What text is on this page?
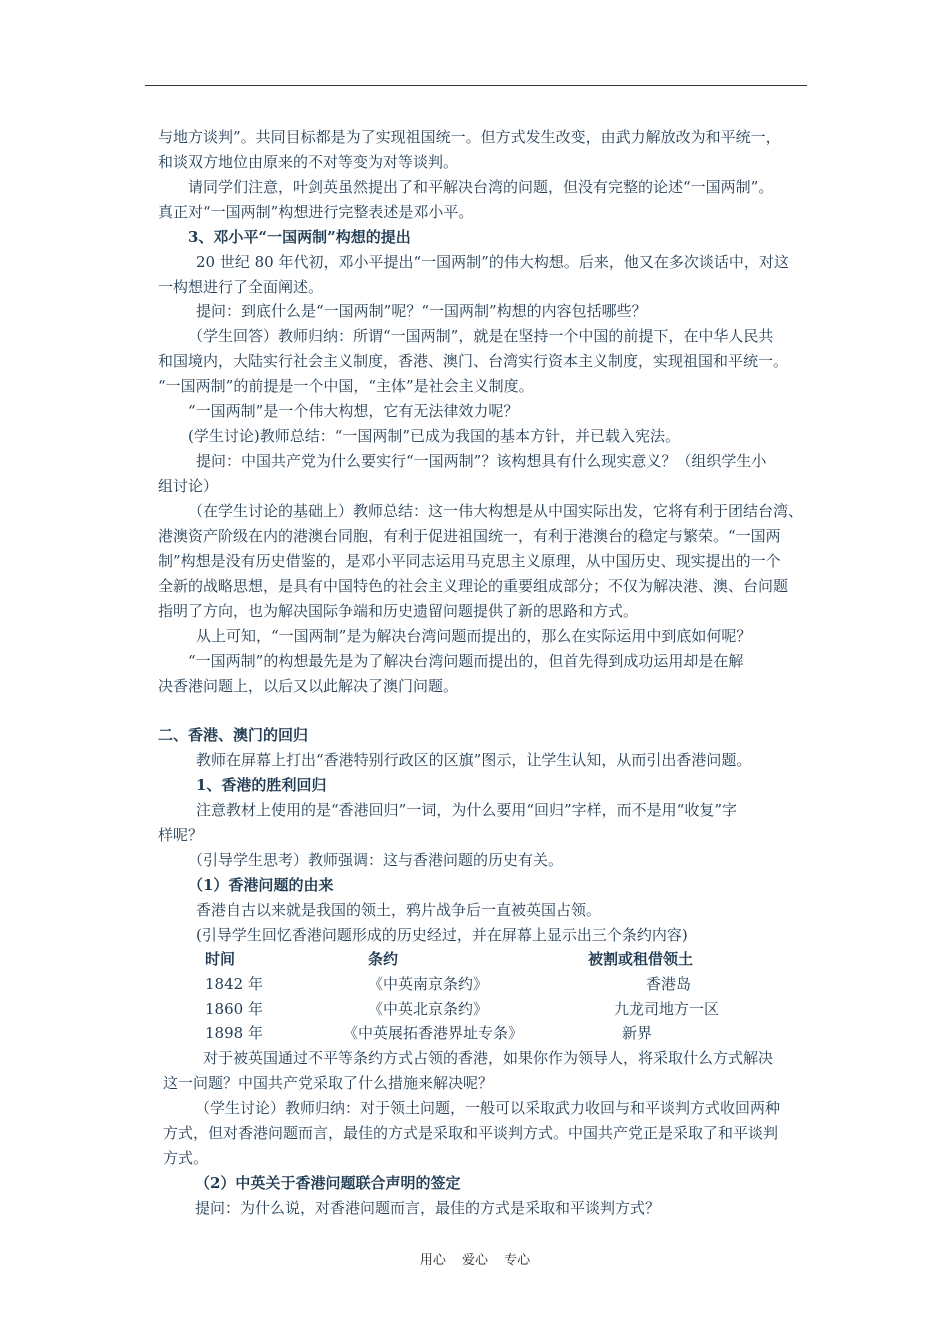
与地方谈判”。共同目标都是为了实现祖国统一。但方式发生改变，由武力解放改为和平统一，
和谈双方地位由原来的不对等变为对等谈判。
请同学们注意，叶剑英虽然提出了和平解决台湾的问题，但没有完整的论述“一国两制”。
真正对“一国两制”构想进行完整表述是邓小平。
3、邓小平“一国两制”构想的提出
20 世纪 80 年代初，邓小平提出“一国两制”的伟大构想。后来，他又在多次谈话中，对这
一构想进行了全面阐述。
提问：到底什么是“一国两制”呢？“一国两制”构想的内容包括哪些？
（学生回答）教师归纳：所谓“一国两制”，就是在坚持一个中国的前提下，在中华人民共
和国境内，大陆实行社会主义制度，香港、澳门、台湾实行资本主义制度，实现祖国和平统一。
“一国两制”的前提是一个中国，“主体”是社会主义制度。
“一国两制”是一个伟大构想，它有无法律效力呢？
(学生讨论)教师总结：“一国两制”已成为我国的基本方针，并已载入宪法。
提问：中国共产党为什么要实行“一国两制”？该构想具有什么现实意义？（组织学生小
组讨论）
（在学生讨论的基础上）教师总结：这一伟大构想是从中国实际出发，它将有利于团结台湾、
港澳资产阶级在内的港澳台同胞，有利于促进祖国统一，有利于港澳台的稳定与繁荣。“一国两
制”构想是没有历史借鉴的，是邓小平同志运用马克思主义原理，从中国历史、现实提出的一个
全新的战略思想，是具有中国特色的社会主义理论的重要组成部分；不仅为解决港、澳、台问题
指明了方向，也为解决国际争端和历史遗留问题提供了新的思路和方式。
从上可知，“一国两制”是为解决台湾问题而提出的，那么在实际运用中到底如何呢？
“一国两制”的构想最先是为了解决台湾问题而提出的，但首先得到成功运用却是在解
决香港问题上，以后又以此解决了澳门问题。
二、香港、澳门的回归
教师在屏幕上打出“香港特别行政区的区旗”图示，让学生认知，从而引出香港问题。
1、香港的胜利回归
注意教材上使用的是“香港回归”一词，为什么要用“回归”字样，而不是用“收复”字
样呢？
（引导学生思考）教师强调：这与香港问题的历史有关。
（1）香港问题的由来
香港自古以来就是我国的领土，鸦片战争后一直被英国占领。
(引导学生回忆香港问题形成的历史经过，并在屏幕上显示出三个条约内容)
时间	条约	被割或租借领土
1842 年	《中英南京条约》	香港岛
1860 年	《中英北京条约》	九龙司地方一区
1898 年	《中英展拓香港界址专条》	新界
对于被英国通过不平等条约方式占领的香港，如果你作为领导人，将采取什么方式解决
这一问题？中国共产党采取了什么措施来解决呢？
（学生讨论）教师归纳：对于领土问题，一般可以采取武力收回与和平谈判方式收回两种
方式，但对香港问题而言，最佳的方式是采取和平谈判方式。中国共产党正是采取了和平谈判
方式。
（2）中英关于香港问题联合声明的签定
提问：为什么说，对香港问题而言，最佳的方式是采取和平谈判方式？
用心 爱心 专心
